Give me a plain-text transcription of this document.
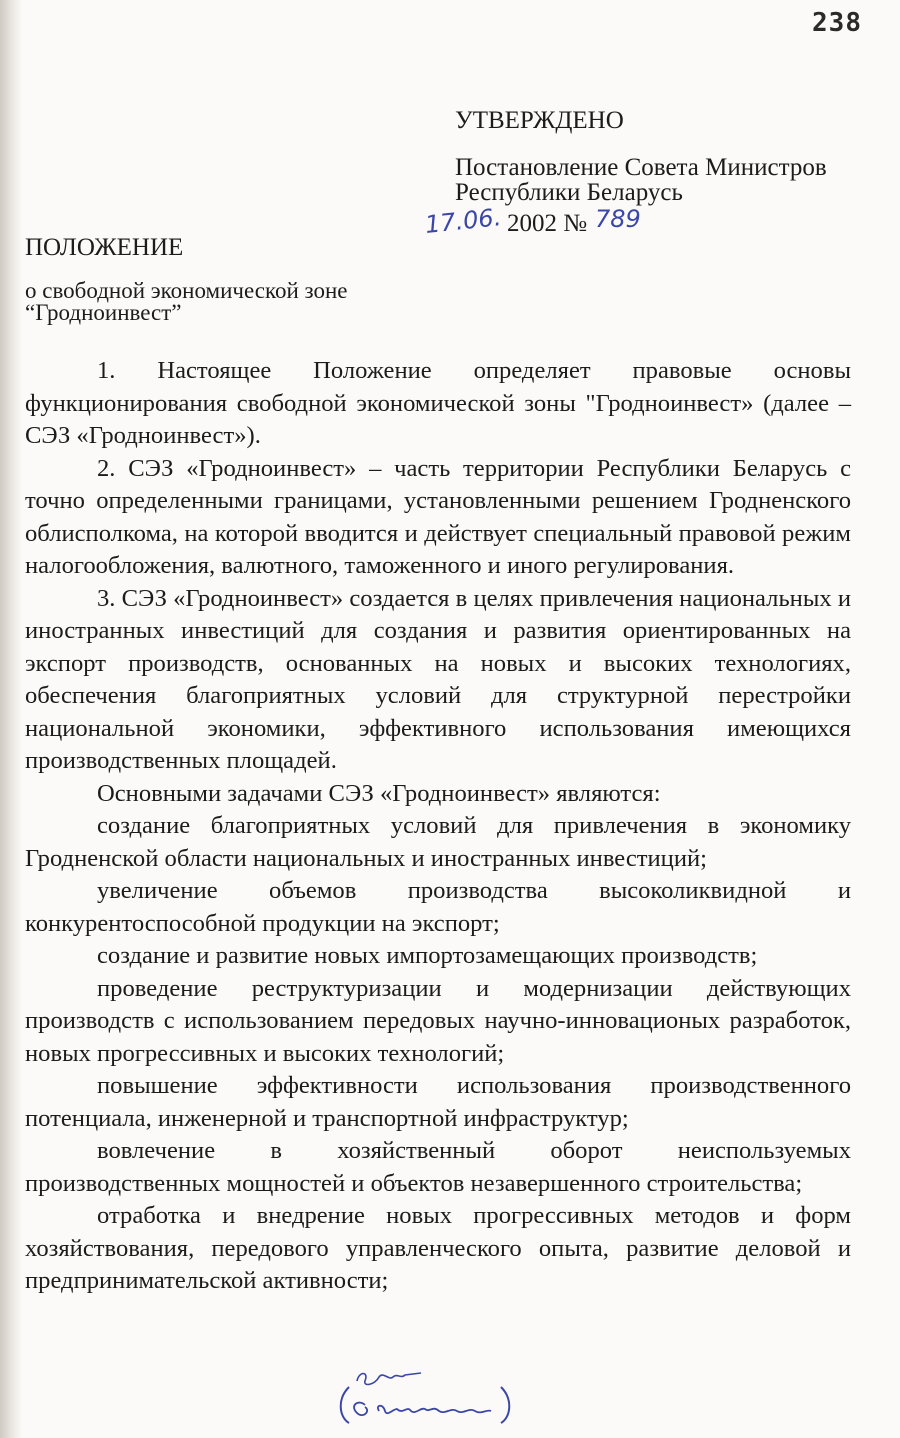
238
УТВЕРЖДЕНО
Постановление Совета Министров
Республики Беларусь
17.06. 2002 № 789
ПОЛОЖЕНИЕ
о свободной экономической зоне
“Гродноинвест”

1. Настоящее Положение определяет правовые основы функционирования свободной экономической зоны "Гродноинвест» (далее – СЭЗ «Гродноинвест»).

2. СЭЗ «Гродноинвест» – часть территории Республики Беларусь с точно определенными границами, установленными решением Гродненского облисполкома, на которой вводится и действует специальный правовой режим налогообложения, валютного, таможенного и иного регулирования.

3. СЭЗ «Гродноинвест» создается в целях привлечения национальных и иностранных инвестиций для создания и развития ориентированных на экспорт производств, основанных на новых и высоких технологиях, обеспечения благоприятных условий для структурной перестройки национальной экономики, эффективного использования имеющихся производственных площадей.

Основными задачами СЭЗ «Гродноинвест» являются:

создание благоприятных условий для привлечения в экономику Гродненской области национальных и иностранных инвестиций;

увеличение объемов производства высоколиквидной и конкурентоспособной продукции на экспорт;

создание и развитие новых импортозамещающих производств;

проведение реструктуризации и модернизации действующих производств с использованием передовых научно-инновационых разработок, новых прогрессивных и высоких технологий;

повышение эффективности использования производственного потенциала, инженерной и транспортной инфраструктур;

вовлечение в хозяйственный оборот неиспользуемых производственных мощностей и объектов незавершенного строительства;

отработка и внедрение новых прогрессивных методов и форм хозяйствования, передового управленческого опыта, развитие деловой и предпринимательской активности;
